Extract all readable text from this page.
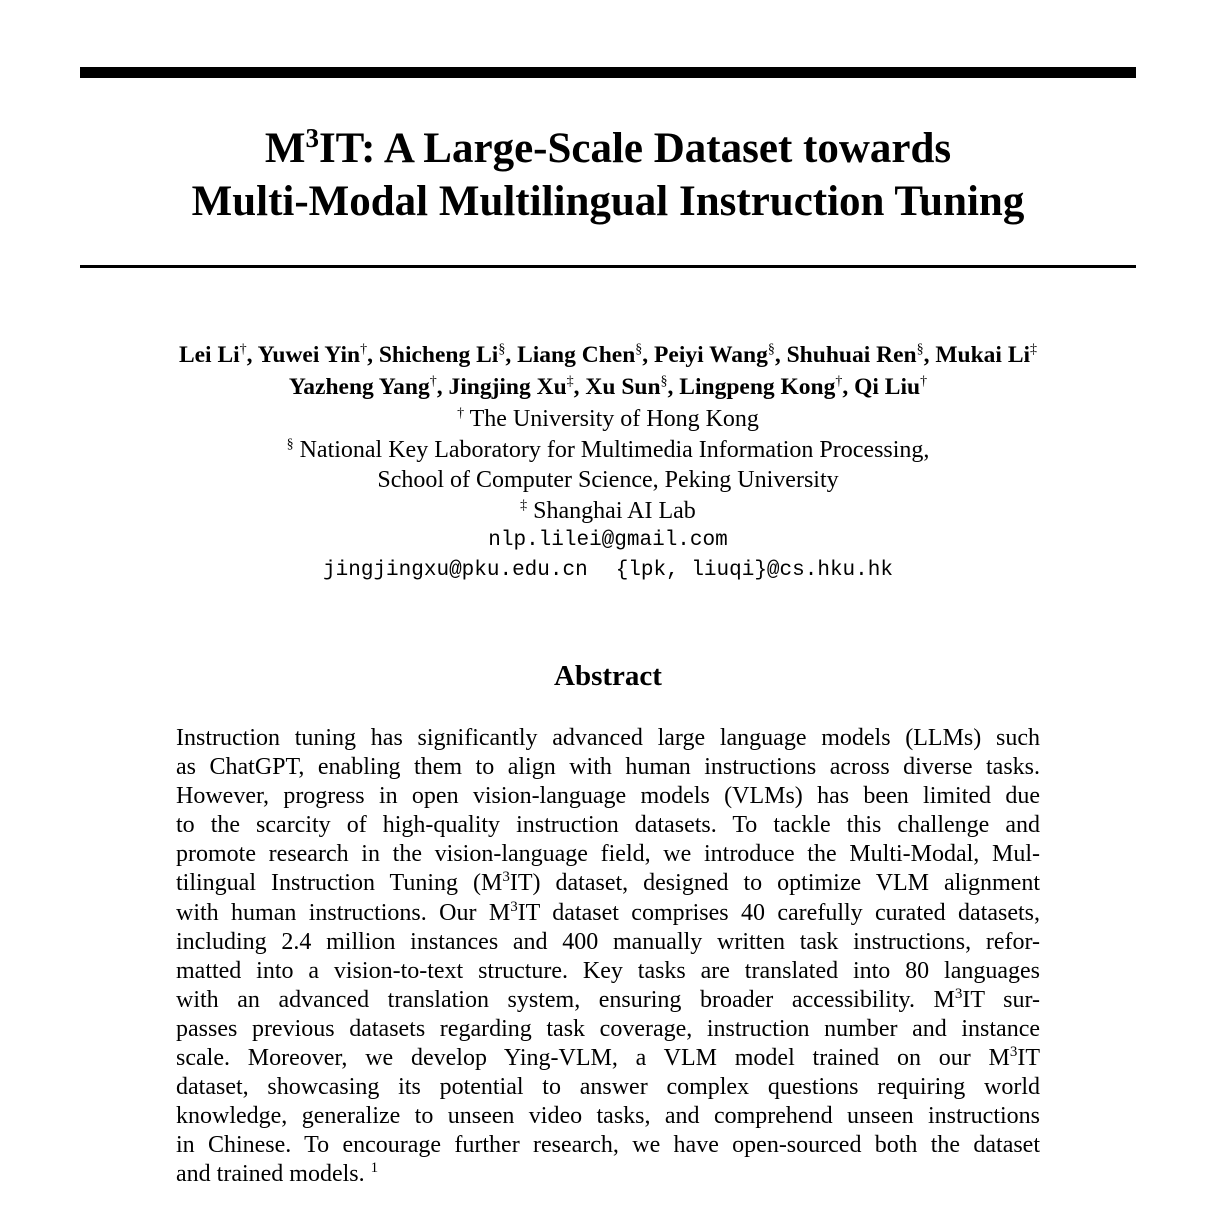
$M^3IT$: A Large-Scale Dataset towards
Multi-Modal Multilingual Instruction Tuning
Lei Li†, Yuwei Yin†, Shicheng Li§, Liang Chen§, Peiyi Wang§, Shuhuai Ren§, Mukai Li‡
Yazheng Yang†, Jingjing Xu‡, Xu Sun§, Lingpeng Kong†, Qi Liu†
† The University of Hong Kong
§ National Key Laboratory for Multimedia Information Processing,
School of Computer Science, Peking University
‡ Shanghai AI Lab
nlp.lilei@gmail.com
jingjingxu@pku.edu.cn {lpk, liuqi}@cs.hku.hk
Abstract
Instruction tuning has significantly advanced large language models (LLMs) such
as ChatGPT, enabling them to align with human instructions across diverse tasks.
However, progress in open vision-language models (VLMs) has been limited due
to the scarcity of high-quality instruction datasets. To tackle this challenge and
promote research in the vision-language field, we introduce the Multi-Modal, Mul-
tilingual Instruction Tuning $(M^3IT)$ dataset, designed to optimize VLM alignment
with human instructions. Our $M^3IT$ dataset comprises 40 carefully curated datasets,
including 2.4 million instances and 400 manually written task instructions, refor-
matted into a vision-to-text structure. Key tasks are translated into 80 languages
with an advanced translation system, ensuring broader accessibility. $M^3IT$ sur-
passes previous datasets regarding task coverage, instruction number and instance
scale. Moreover, we develop Ying-VLM, a VLM model trained on our $M^3IT$
dataset, showcasing its potential to answer complex questions requiring world
knowledge, generalize to unseen video tasks, and comprehend unseen instructions
in Chinese. To encourage further research, we have open-sourced both the dataset
and trained models. $^1$
